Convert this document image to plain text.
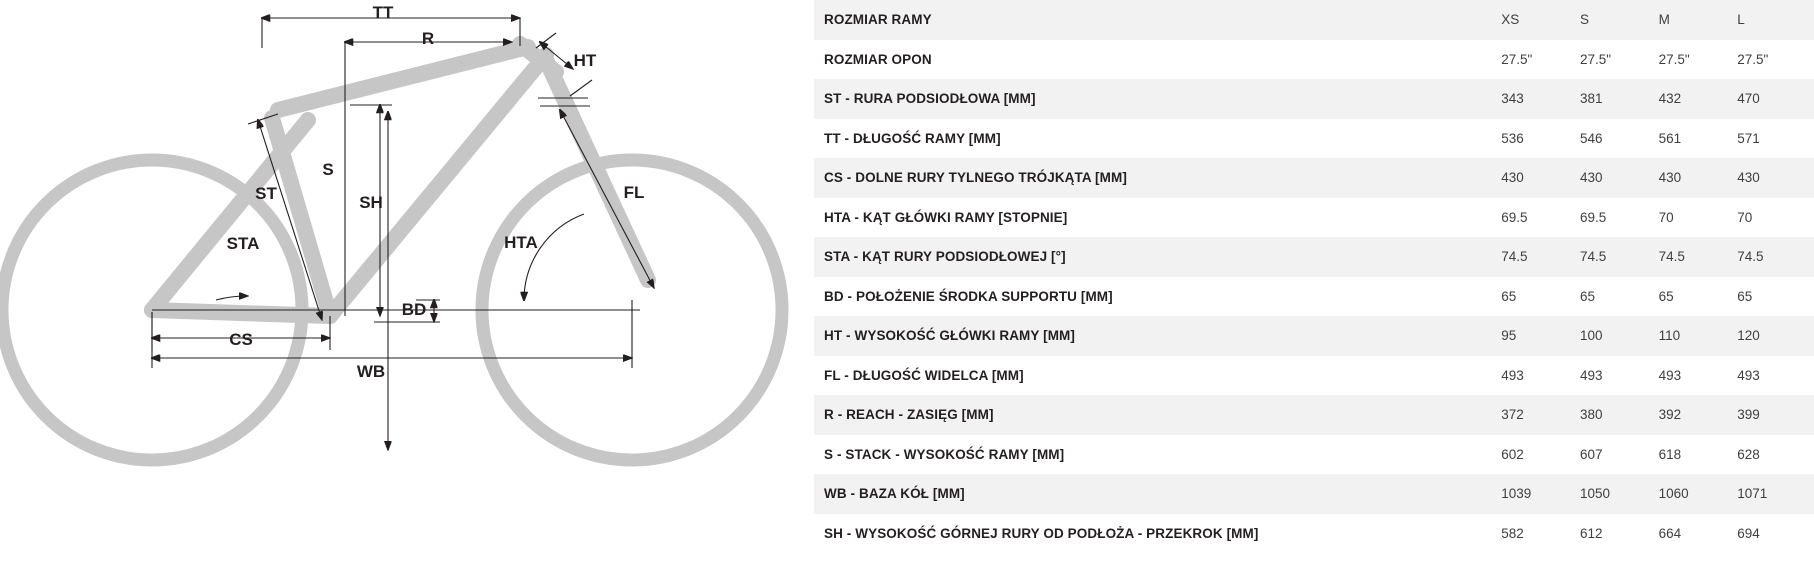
TT
R
HT
ST
S
SH
STA	HTA
FL
BD
CS
WB
ROZMIAR RAMY	XS	S	M	L
ROZMIAR OPON	27.5"	27.5"	27.5"	27.5"
ST - RURA PODSIODŁOWA [MM]	343	381	432	470
TT - DŁUGOŚĆ RAMY [MM]	536	546	561	571
CS - DOLNE RURY TYLNEGO TRÓJKĄTA [MM]	430	430	430	430
HTA - KĄT GŁÓWKI RAMY [STOPNIE]	69.5	69.5	70	70
STA - KĄT RURY PODSIODŁOWEJ [°]	74.5	74.5	74.5	74.5
BD - POŁOŻENIE ŚRODKA SUPPORTU [MM]	65	65	65	65
HT - WYSOKOŚĆ GŁÓWKI RAMY [MM]	95	100	110	120
FL - DŁUGOŚĆ WIDELCA [MM]	493	493	493	493
R - REACH - ZASIĘG [MM]	372	380	392	399
S - STACK - WYSOKOŚĆ RAMY [MM]	602	607	618	628
WB - BAZA KÓŁ [MM]	1039	1050	1060	1071
SH - WYSOKOŚĆ GÓRNEJ RURY OD PODŁOŻA - PRZEKROK [MM]	582	612	664	694
